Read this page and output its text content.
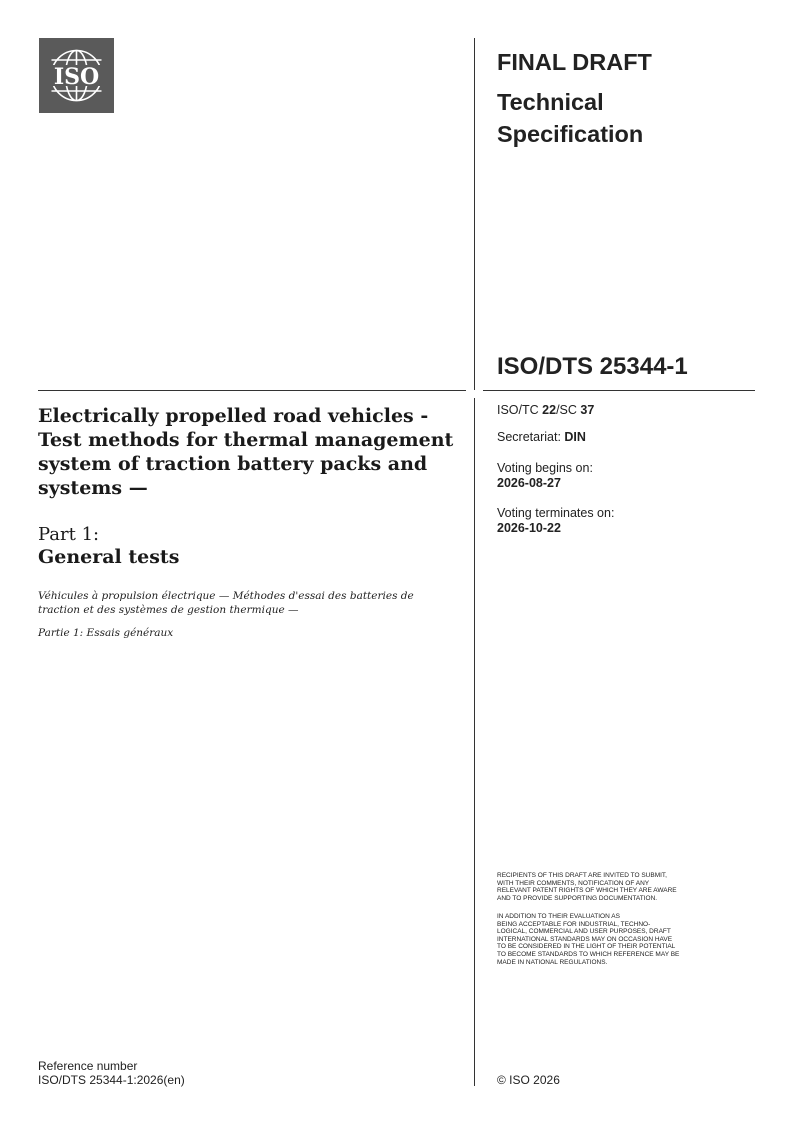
ISO
FINAL DRAFT
Technical Specification
ISO/DTS 25344-1
ISO/TC 22/SC 37
Secretariat: DIN
Voting begins on:
2026-08-27
Voting terminates on:
2026-10-22
Electrically propelled road vehicles - Test methods for thermal management system of traction battery packs and systems —
Part 1:
General tests
Véhicules à propulsion électrique — Méthodes d'essai des batteries de traction et des systèmes de gestion thermique —
Partie 1: Essais généraux
RECIPIENTS OF THIS DRAFT ARE INVITED TO SUBMIT,
WITH THEIR COMMENTS, NOTIFICATION OF ANY
RELEVANT PATENT RIGHTS OF WHICH THEY ARE AWARE
AND TO PROVIDE SUPPORTING DOCUMENTATION.
IN ADDITION TO THEIR EVALUATION AS
BEING ACCEPTABLE FOR INDUSTRIAL, TECHNO-
LOGICAL, COMMERCIAL AND USER PURPOSES, DRAFT
INTERNATIONAL STANDARDS MAY ON OCCASION HAVE
TO BE CONSIDERED IN THE LIGHT OF THEIR POTENTIAL
TO BECOME STANDARDS TO WHICH REFERENCE MAY BE
MADE IN NATIONAL REGULATIONS.
Reference number
ISO/DTS 25344-1:2026(en)	© ISO 2026
